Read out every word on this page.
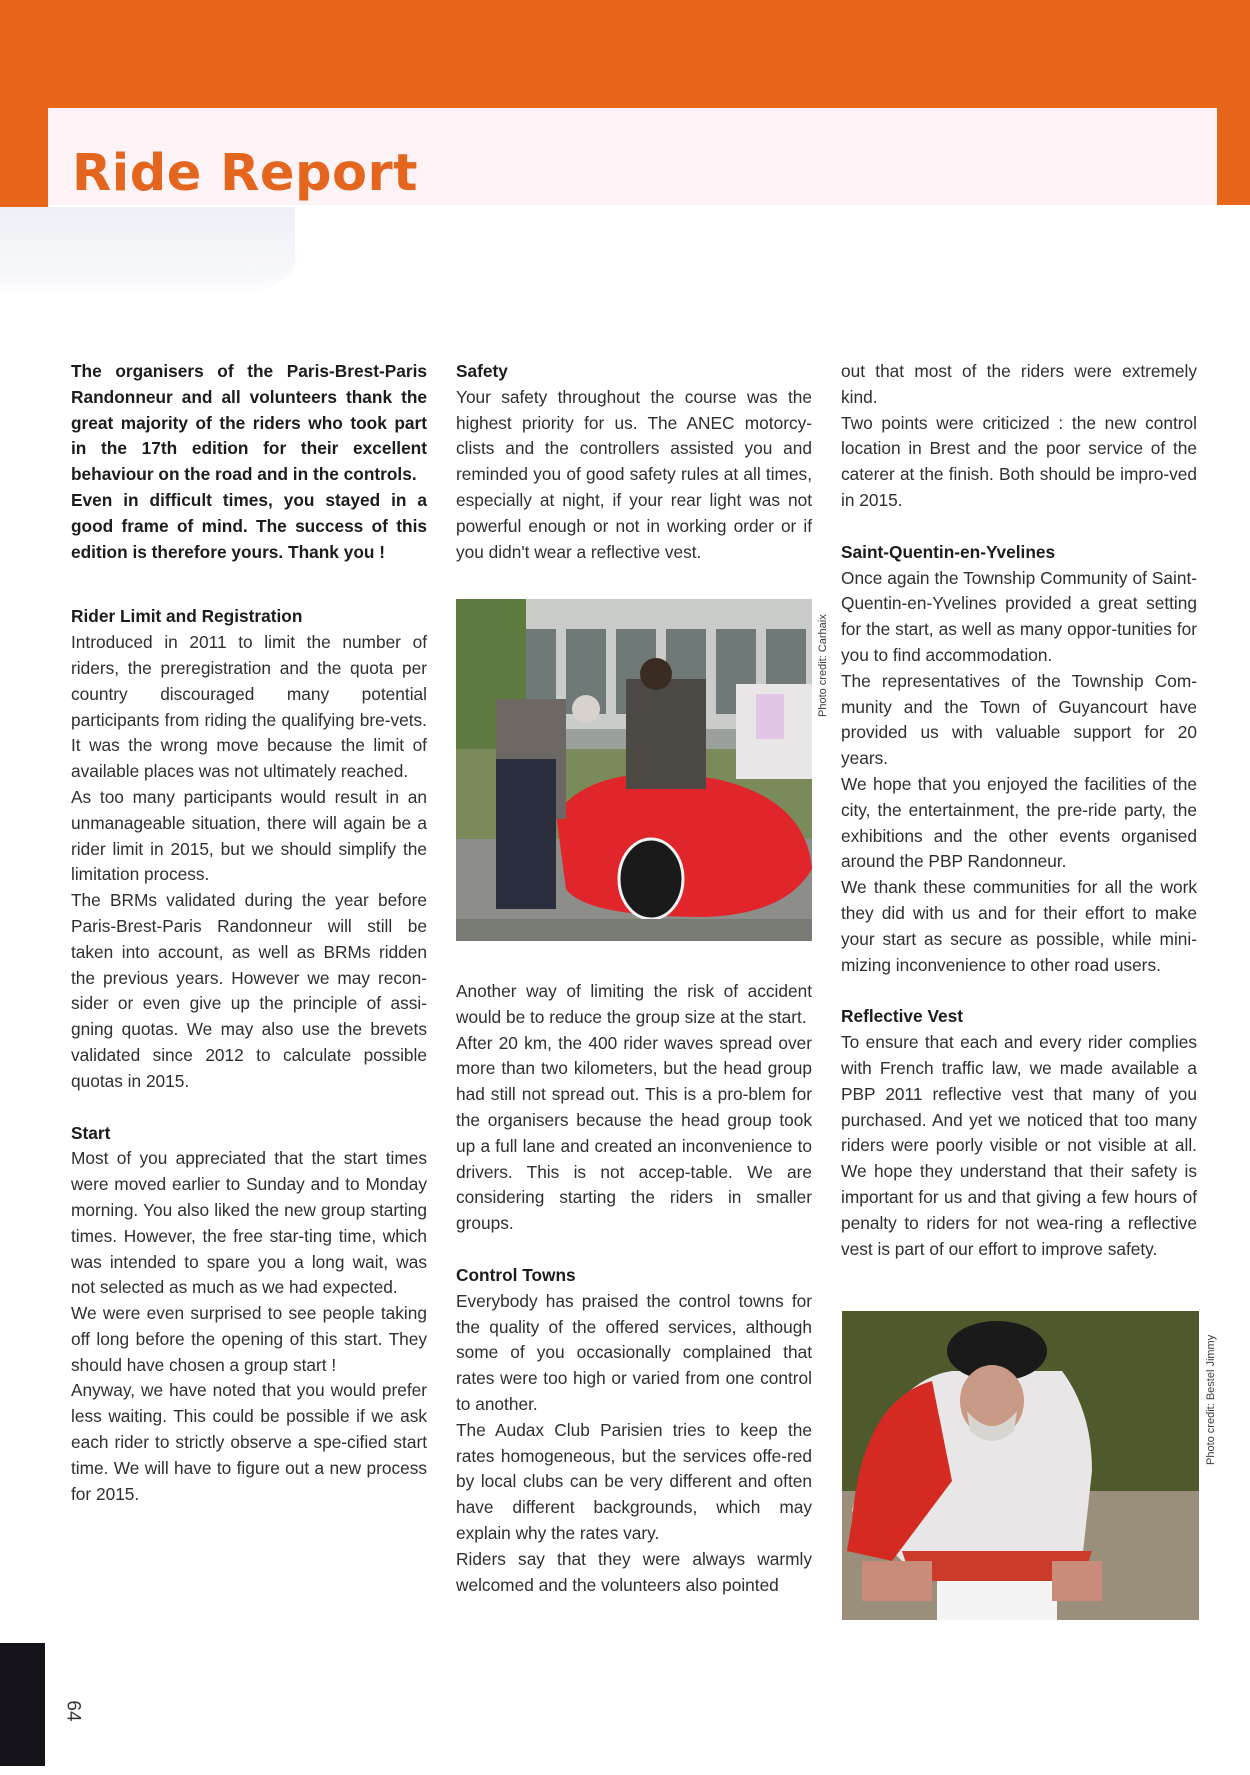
Ride Report

The organisers of the Paris-Brest-Paris Randonneur and all volunteers thank the great majority of the riders who took part in the 17th edition for their excellent behaviour on the road and in the controls.

Even in difficult times, you stayed in a good frame of mind. The success of this edition is therefore yours. Thank you !

Rider Limit and Registration

Introduced in 2011 to limit the number of riders, the preregistration and the quota per country discouraged many potential participants from riding the qualifying bre-vets. It was the wrong move because the limit of available places was not ultimately reached.

As too many participants would result in an unmanageable situation, there will again be a rider limit in 2015, but we should simplify the limitation process.

The BRMs validated during the year before Paris-Brest-Paris Randonneur will still be taken into account, as well as BRMs ridden the previous years. However we may recon-sider or even give up the principle of assi-gning quotas. We may also use the brevets validated since 2012 to calculate possible quotas in 2015.

Start

Most of you appreciated that the start times were moved earlier to Sunday and to Monday morning. You also liked the new group starting times. However, the free star-ting time, which was intended to spare you a long wait, was not selected as much as we had expected.

We were even surprised to see people taking off long before the opening of this start. They should have chosen a group start !

Anyway, we have noted that you would prefer less waiting. This could be possible if we ask each rider to strictly observe a spe-cified start time. We will have to figure out a new process for 2015.

Safety

Your safety throughout the course was the highest priority for us. The ANEC motorcy-clists and the controllers assisted you and reminded you of good safety rules at all times, especially at night, if your rear light was not powerful enough or not in working order or if you didn't wear a reflective vest.

Photo credit: Carhaix

Another way of limiting the risk of accident would be to reduce the group size at the start.

After 20 km, the 400 rider waves spread over more than two kilometers, but the head group had still not spread out. This is a pro-blem for the organisers because the head group took up a full lane and created an inconvenience to drivers. This is not accep-table. We are considering starting the riders in smaller groups.

Control Towns

Everybody has praised the control towns for the quality of the offered services, although some of you occasionally complained that rates were too high or varied from one control to another.

The Audax Club Parisien tries to keep the rates homogeneous, but the services offe-red by local clubs can be very different and often have different backgrounds, which may explain why the rates vary.

Riders say that they were always warmly welcomed and the volunteers also pointed

out that most of the riders were extremely kind.

Two points were criticized : the new control location in Brest and the poor service of the caterer at the finish. Both should be impro-ved in 2015.

Saint-Quentin-en-Yvelines

Once again the Township Community of Saint-Quentin-en-Yvelines provided a great setting for the start, as well as many oppor-tunities for you to find accommodation.

The representatives of the Township Com-munity and the Town of Guyancourt have provided us with valuable support for 20 years.

We hope that you enjoyed the facilities of the city, the entertainment, the pre-ride party, the exhibitions and the other events organised around the PBP Randonneur.

We thank these communities for all the work they did with us and for their effort to make your start as secure as possible, while mini-mizing inconvenience to other road users.

Reflective Vest

To ensure that each and every rider complies with French traffic law, we made available a PBP 2011 reflective vest that many of you purchased. And yet we noticed that too many riders were poorly visible or not visible at all. We hope they understand that their safety is important for us and that giving a few hours of penalty to riders for not wea-ring a reflective vest is part of our effort to improve safety.

Photo credit: Bestel Jimmy
64
